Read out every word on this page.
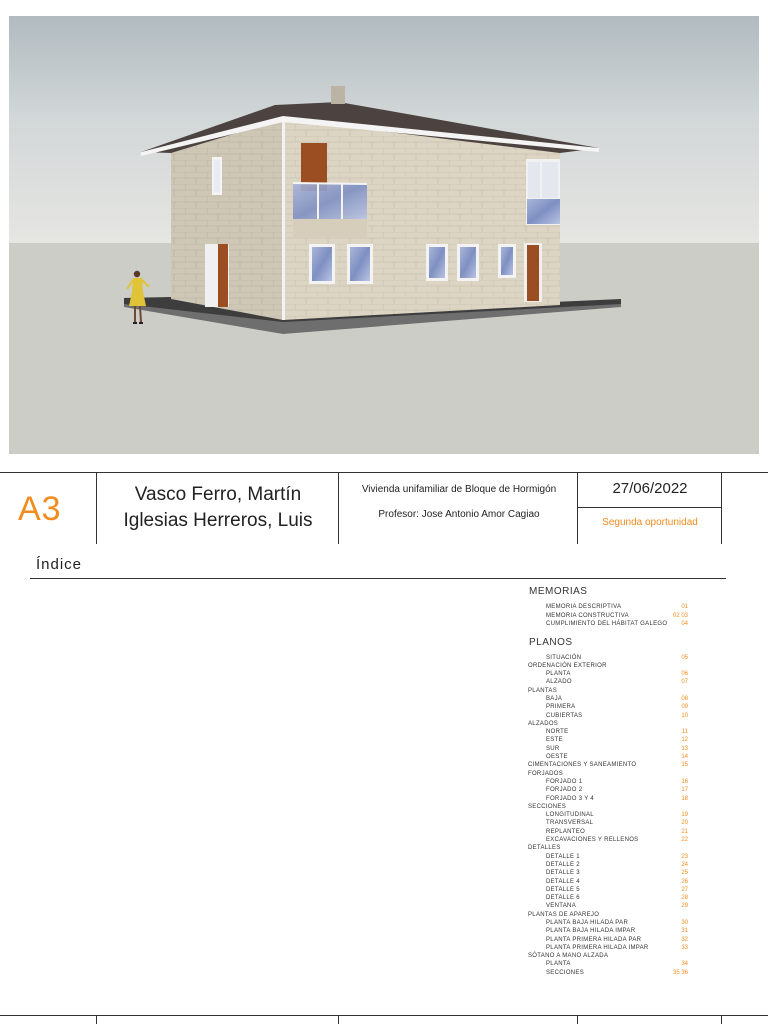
A3	Vasco Ferro, Martín
Iglesias Herreros, Luis
Vivienda unifamiliar de Bloque de Hormigón
Profesor: Jose Antonio Amor Cagiao
27/06/2022
Segunda oportunidad
Índice
MEMORIAS
MEMORIA DESCRIPTIVA	01
MEMORIA CONSTRUCTIVA	02 03
CUMPLIMIENTO DEL HÁBITAT GALEGO 04
PLANOS
SITUACIÓN	05
ORDENACIÓN EXTERIOR
PLANTA	06
ALZADO	07
PLANTAS
BAJA	08
PRIMERA	09
CUBIERTAS	10
ALZADOS
NORTE	11
ESTE	12
SUR	13
OESTE	14
CIMENTACIONES Y SANEAMIENTO	15
FORJADOS
FORJADO 1	16
FORJADO 2	17
FORJADO 3 Y 4	18
SECCIONES
LONGITUDINAL	19
TRANSVERSAL	20
REPLANTEO	21
EXCAVACIONES Y RELLENOS	22
DETALLES
DETALLE 1	23
DETALLE 2	24
DETALLE 3	25
DETALLE 4	26
DETALLE 5	27
DETALLE 6	28
VENTANA	29
PLANTAS DE APAREJO
PLANTA BAJA HILADA PAR	30
PLANTA BAJA HILADA IMPAR	31
PLANTA PRIMERA HILADA PAR	32
PLANTA PRIMERA HILADA IMPAR	33
SÓTANO A MANO ALZADA
PLANTA	34
SECCIONES	35 36
